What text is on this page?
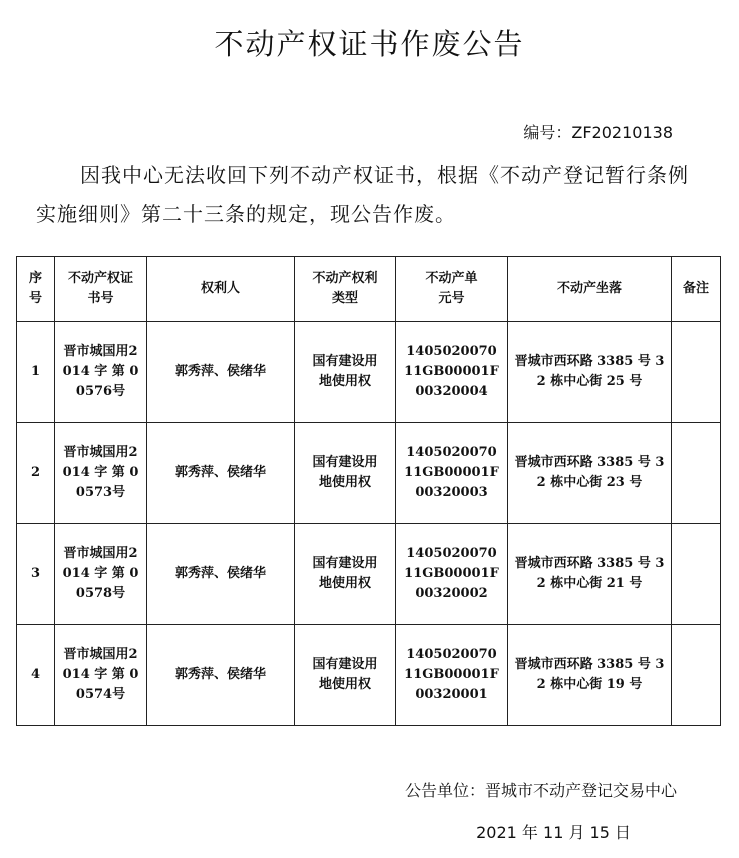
不动产权证书作废公告
编号：ZF20210138
因我中心无法收回下列不动产权证书，根据《不动产登记暂行条例实施细则》第二十三条的规定，现公告作废。
序号	不动产权证书号	权利人	不动产权利类型	不动产单元号	不动产坐落	备注
1	晋市城国用2014 字 第 00576号	郭秀萍、侯绪华	国有建设用地使用权	140502007011GB00001F00320004	晋城市西环路 3385 号 32 栋中心街 25 号	
2	晋市城国用2014 字 第 00573号	郭秀萍、侯绪华	国有建设用地使用权	140502007011GB00001F00320003	晋城市西环路 3385 号 32 栋中心街 23 号	
3	晋市城国用2014 字 第 00578号	郭秀萍、侯绪华	国有建设用地使用权	140502007011GB00001F00320002	晋城市西环路 3385 号 32 栋中心街 21 号	
4	晋市城国用2014 字 第 00574号	郭秀萍、侯绪华	国有建设用地使用权	140502007011GB00001F00320001	晋城市西环路 3385 号 32 栋中心街 19 号	
公告单位：晋城市不动产登记交易中心
2021 年 11 月 15 日
